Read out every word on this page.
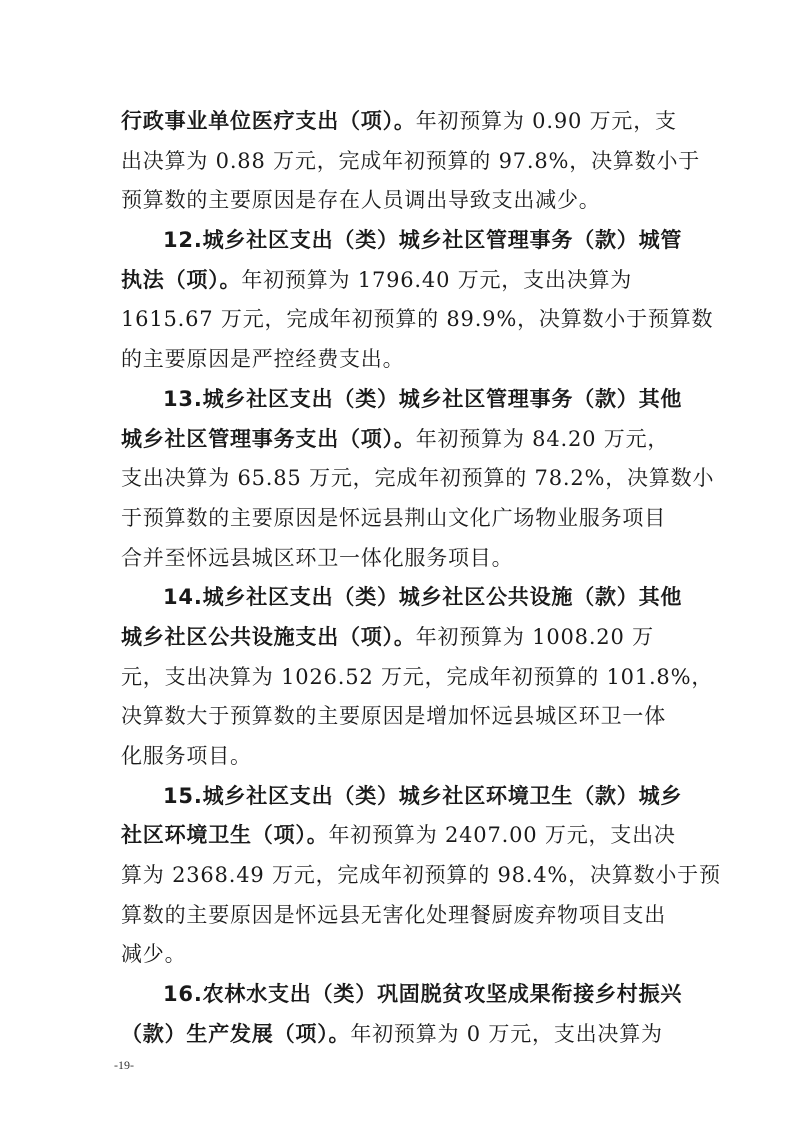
行政事业单位医疗支出（项）。年初预算为 0.90 万元，支
出决算为 0.88 万元，完成年初预算的 97.8%，决算数小于
预算数的主要原因是存在人员调出导致支出减少。
12.城乡社区支出（类）城乡社区管理事务（款）城管
执法（项）。年初预算为 1796.40 万元，支出决算为
1615.67 万元，完成年初预算的 89.9%，决算数小于预算数
的主要原因是严控经费支出。
13.城乡社区支出（类）城乡社区管理事务（款）其他
城乡社区管理事务支出（项）。年初预算为 84.20 万元，
支出决算为 65.85 万元，完成年初预算的 78.2%，决算数小
于预算数的主要原因是怀远县荆山文化广场物业服务项目
合并至怀远县城区环卫一体化服务项目。
14.城乡社区支出（类）城乡社区公共设施（款）其他
城乡社区公共设施支出（项）。年初预算为 1008.20 万
元，支出决算为 1026.52 万元，完成年初预算的 101.8%，
决算数大于预算数的主要原因是增加怀远县城区环卫一体
化服务项目。
15.城乡社区支出（类）城乡社区环境卫生（款）城乡
社区环境卫生（项）。年初预算为 2407.00 万元，支出决
算为 2368.49 万元，完成年初预算的 98.4%，决算数小于预
算数的主要原因是怀远县无害化处理餐厨废弃物项目支出
减少。
16.农林水支出（类）巩固脱贫攻坚成果衔接乡村振兴
（款）生产发展（项）。年初预算为 0 万元，支出决算为
-19-
